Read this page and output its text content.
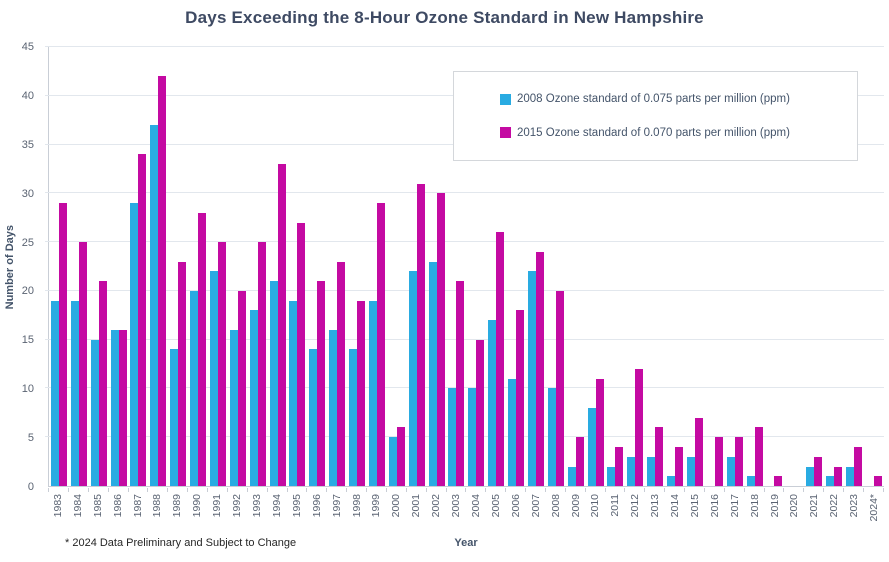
Days Exceeding the 8-Hour Ozone Standard in New Hampshire
Number of Days
0
5
10
15
20
25
30
35
40
45
1983 1984 1985 1986 1987 1988 1989 1990 1991 1992 1993 1994 1995 1996 1997 1998 1999 2000 2001 2002 2003 2004 2005 2006 2007 2008 2009 2010 2011 2012 2013 2014 2015 2016 2017 2018 2019 2020 2021 2022 2023 2024*
2008 Ozone standard of 0.075 parts per million (ppm)
2015 Ozone standard of 0.070 parts per million (ppm)
* 2024 Data Preliminary and Subject to Change	Year
